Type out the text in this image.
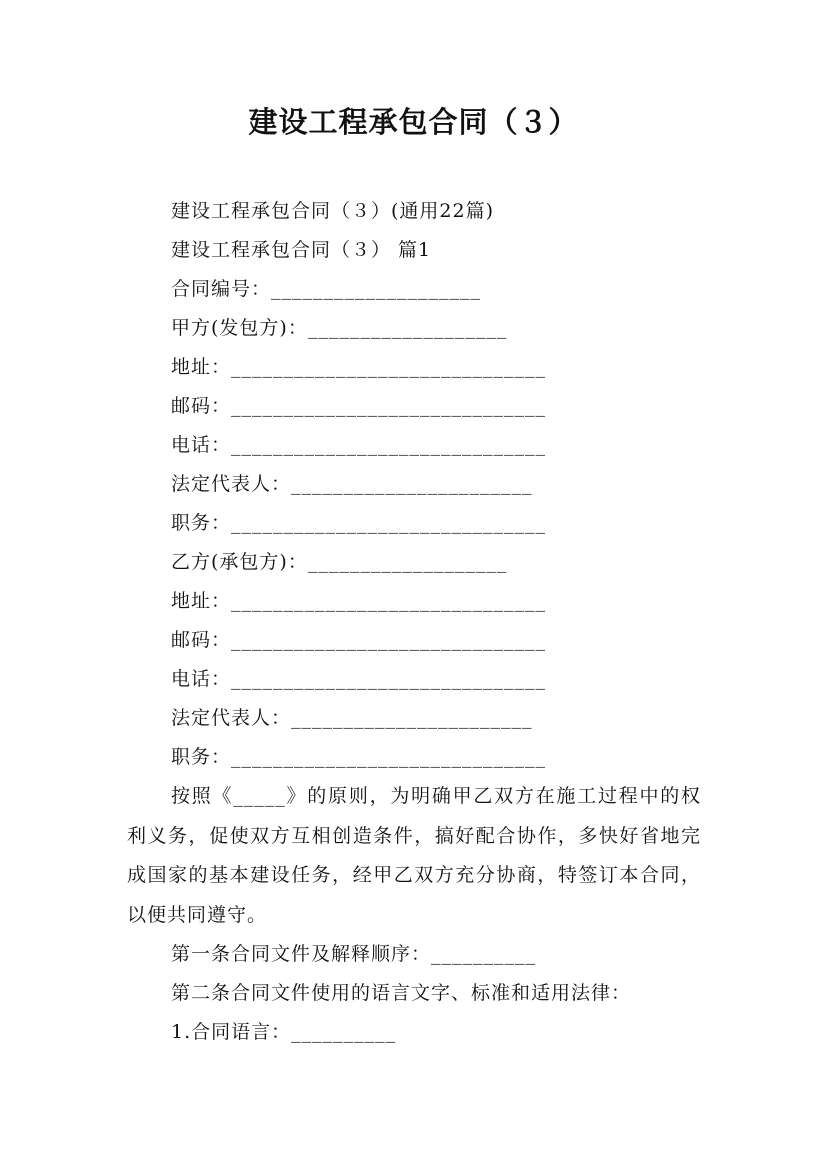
建设工程承包合同（３）
建设工程承包合同（３）(通用22篇)
建设工程承包合同（３） 篇1
合同编号：____________________
甲方(发包方)：___________________
地址：______________________________
邮码：______________________________
电话：______________________________
法定代表人：_______________________
职务：______________________________
乙方(承包方)：___________________
地址：______________________________
邮码：______________________________
电话：______________________________
法定代表人：_______________________
职务：______________________________
按照《_____》的原则，为明确甲乙双方在施工过程中的权利义务，促使双方互相创造条件，搞好配合协作，多快好省地完成国家的基本建设任务，经甲乙双方充分协商，特签订本合同，以便共同遵守。
第一条合同文件及解释顺序：__________
第二条合同文件使用的语言文字、标准和适用法律：
1.合同语言：__________
